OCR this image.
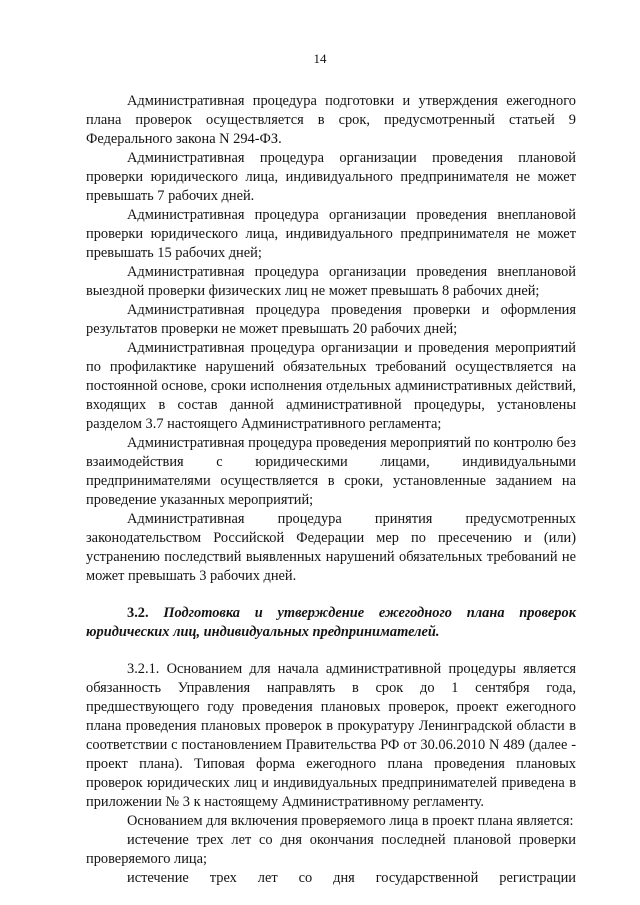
14

Административная процедура подготовки и утверждения ежегодного плана проверок осуществляется в срок, предусмотренный статьей 9 Федерального закона N 294-ФЗ.

Административная процедура организации проведения плановой проверки юридического лица, индивидуального предпринимателя не может превышать 7 рабочих дней.

Административная процедура организации проведения внеплановой проверки юридического лица, индивидуального предпринимателя не может превышать 15 рабочих дней;

Административная процедура организации проведения внеплановой выездной проверки физических лиц не может превышать 8 рабочих дней;

Административная процедура проведения проверки и оформления результатов проверки не может превышать 20 рабочих дней;

Административная процедура организации и проведения мероприятий по профилактике нарушений обязательных требований осуществляется на постоянной основе, сроки исполнения отдельных административных действий, входящих в состав данной административной процедуры, установлены разделом 3.7 настоящего Административного регламента;

Административная процедура проведения мероприятий по контролю без взаимодействия с юридическими лицами, индивидуальными предпринимателями осуществляется в сроки, установленные заданием на проведение указанных мероприятий;

Административная процедура принятия предусмотренных законодательством Российской Федерации мер по пресечению и (или) устранению последствий выявленных нарушений обязательных требований не может превышать 3 рабочих дней.

3.2. Подготовка и утверждение ежегодного плана проверок юридических лиц, индивидуальных предпринимателей.

3.2.1. Основанием для начала административной процедуры является обязанность Управления направлять в срок до 1 сентября года, предшествующего году проведения плановых проверок, проект ежегодного плана проведения плановых проверок в прокуратуру Ленинградской области в соответствии с постановлением Правительства РФ от 30.06.2010 N 489 (далее - проект плана). Типовая форма ежегодного плана проведения плановых проверок юридических лиц и индивидуальных предпринимателей приведена в приложении № 3 к настоящему Административному регламенту.

Основанием для включения проверяемого лица в проект плана является:

истечение трех лет со дня окончания последней плановой проверки проверяемого лица;

истечение трех лет со дня государственной регистрации
